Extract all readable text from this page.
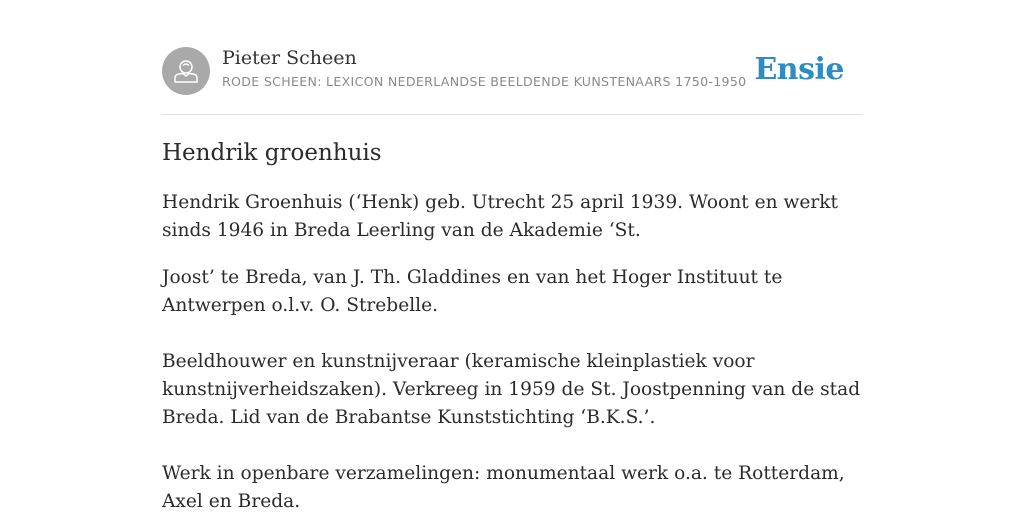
Pieter Scheen
RODE SCHEEN: LEXICON NEDERLANDSE BEELDENDE KUNSTENAARS 1750-1950 Ensie
Hendrik groenhuis

Hendrik Groenhuis (‘Henk) geb. Utrecht 25 april 1939. Woont en werkt sinds 1946 in Breda Leerling van de Akademie ‘St.

Joost’ te Breda, van J. Th. Gladdines en van het Hoger Instituut te Antwerpen o.l.v. O. Strebelle.

Beeldhouwer en kunstnijveraar (keramische kleinplastiek voor kunstnijverheidszaken). Verkreeg in 1959 de St. Joostpenning van de stad Breda. Lid van de Brabantse Kunststichting ‘B.K.S.’.

Werk in openbare verzamelingen: monumentaal werk o.a. te Rotterdam, Axel en Breda.
